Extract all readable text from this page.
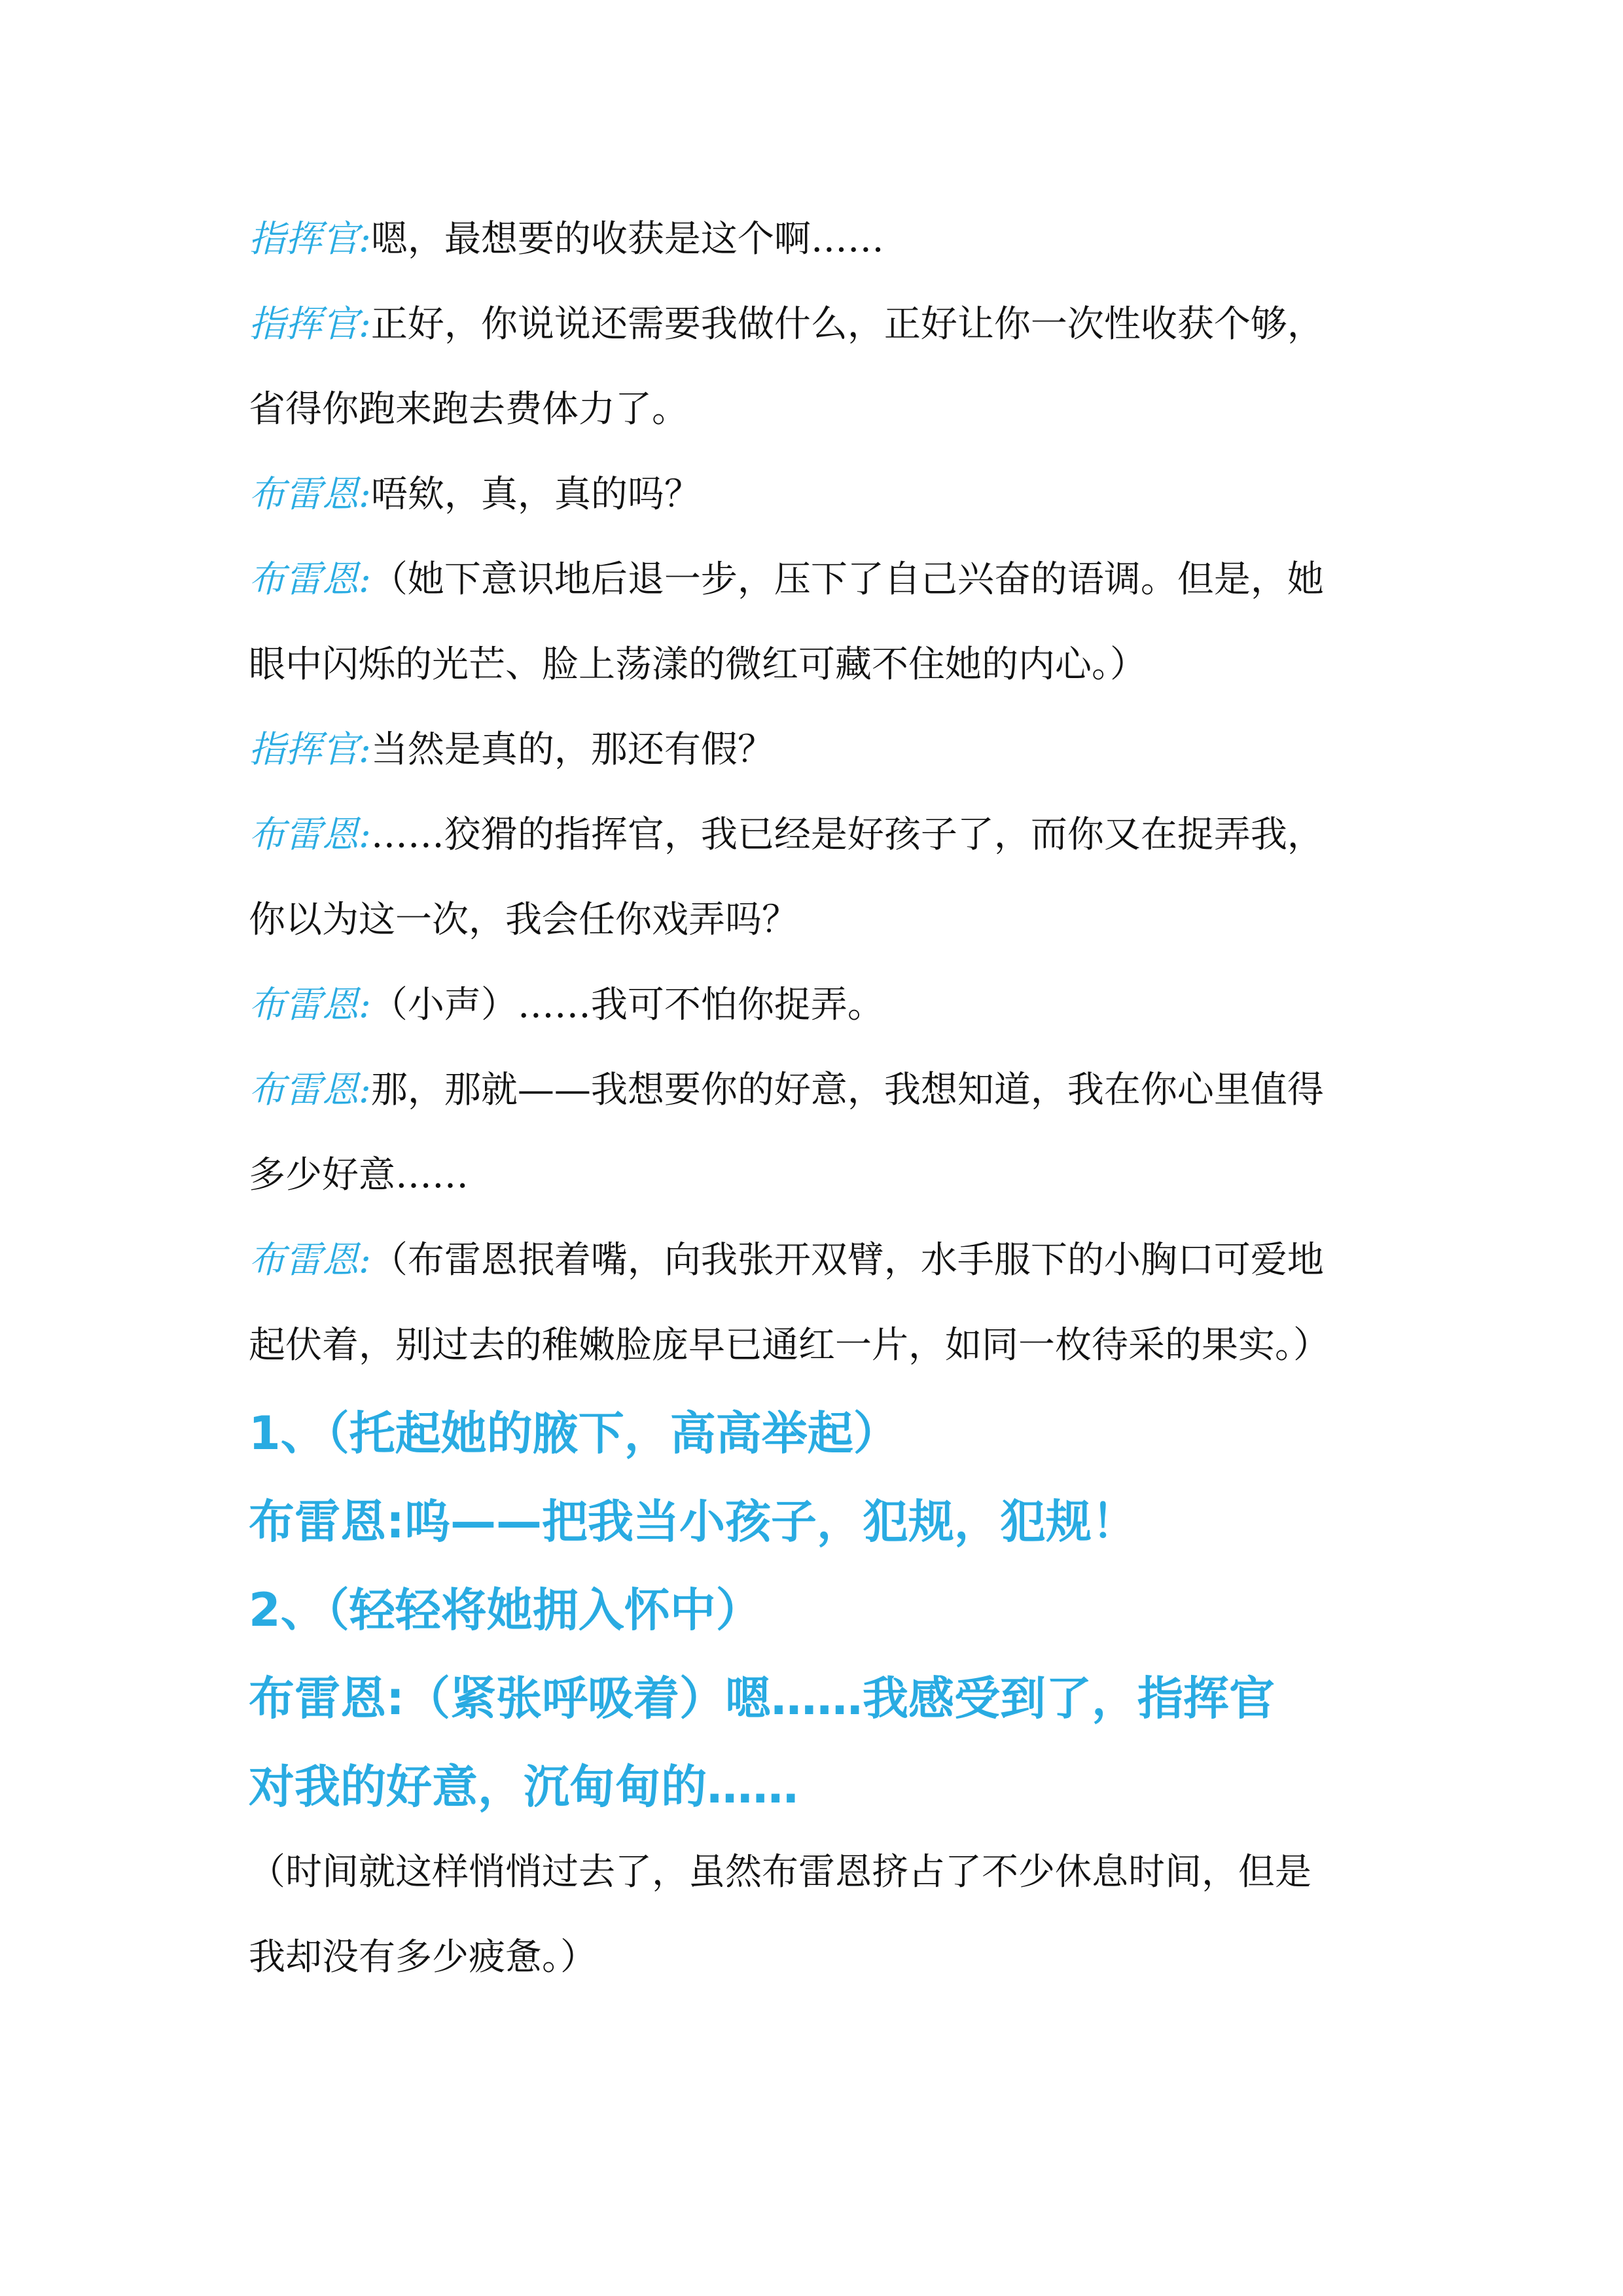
指挥官:嗯，最想要的收获是这个啊……
指挥官:正好，你说说还需要我做什么，正好让你一次性收获个够，
省得你跑来跑去费体力了。
布雷恩:唔欸，真，真的吗？
布雷恩:（她下意识地后退一步，压下了自己兴奋的语调。但是，她
眼中闪烁的光芒、脸上荡漾的微红可藏不住她的内心。）
指挥官:当然是真的，那还有假？
布雷恩:……狡猾的指挥官，我已经是好孩子了，而你又在捉弄我，
你以为这一次，我会任你戏弄吗？
布雷恩:（小声）……我可不怕你捉弄。
布雷恩:那，那就——我想要你的好意，我想知道，我在你心里值得
多少好意……
布雷恩:（布雷恩抿着嘴，向我张开双臂，水手服下的小胸口可爱地
起伏着，别过去的稚嫩脸庞早已通红一片，如同一枚待采的果实。）
1、（托起她的腋下，高高举起）
布雷恩:呜——把我当小孩子，犯规，犯规！
2、（轻轻将她拥入怀中）
布雷恩:（紧张呼吸着）嗯……我感受到了，指挥官
对我的好意，沉甸甸的……
（时间就这样悄悄过去了，虽然布雷恩挤占了不少休息时间，但是
我却没有多少疲惫。）
